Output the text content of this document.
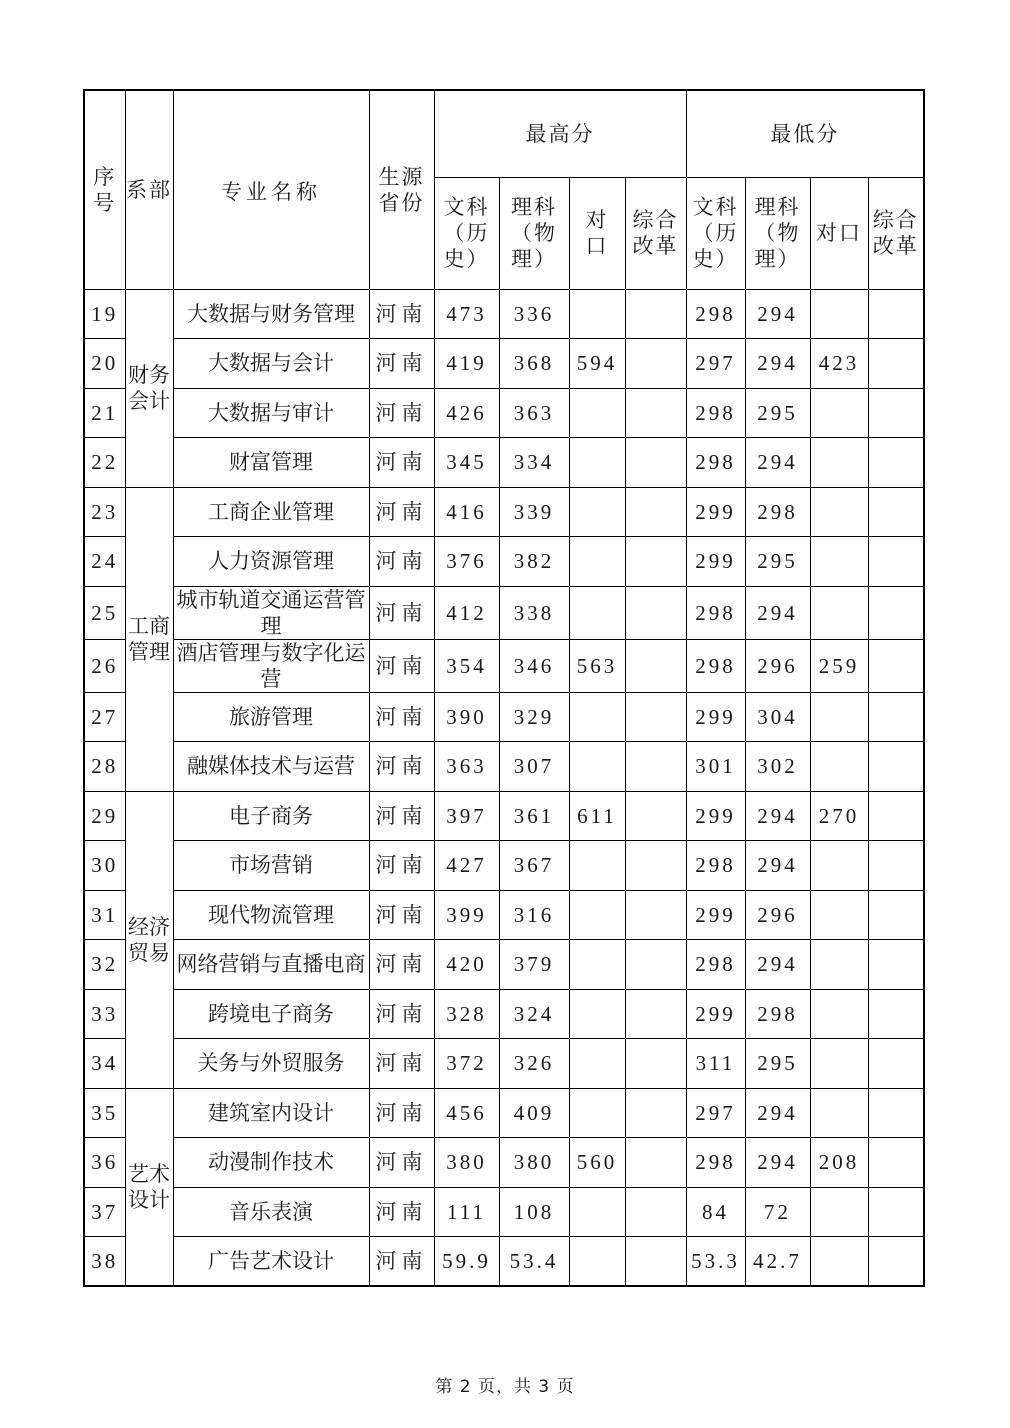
序号	系部	专业名称	生源省份	最高分				最低分			
				文科（历史）	理科（物理）	对口	综合改革	文科（历史）	理科（物理）	对口	综合改革
19	财务会计	大数据与财务管理	河南	473	336			298	294		
20		大数据与会计	河南	419	368	594		297	294	423	
21		大数据与审计	河南	426	363			298	295		
22		财富管理	河南	345	334			298	294		
23	工商管理	工商企业管理	河南	416	339			299	298		
24		人力资源管理	河南	376	382			299	295		
25		城市轨道交通运营管理	河南	412	338			298	294		
26		酒店管理与数字化运营	河南	354	346	563		298	296	259	
27		旅游管理	河南	390	329			299	304		
28		融媒体技术与运营	河南	363	307			301	302		
29	经济贸易	电子商务	河南	397	361	611		299	294	270	
30		市场营销	河南	427	367			298	294		
31		现代物流管理	河南	399	316			299	296		
32		网络营销与直播电商	河南	420	379			298	294		
33		跨境电子商务	河南	328	324			299	298		
34		关务与外贸服务	河南	372	326			311	295		
35	艺术设计	建筑室内设计	河南	456	409			297	294		
36		动漫制作技术	河南	380	380	560		298	294	208	
37		音乐表演	河南	111	108			84	72		
38		广告艺术设计	河南	59.9	53.4			53.3	42.7		
第 2 页，共 3 页
